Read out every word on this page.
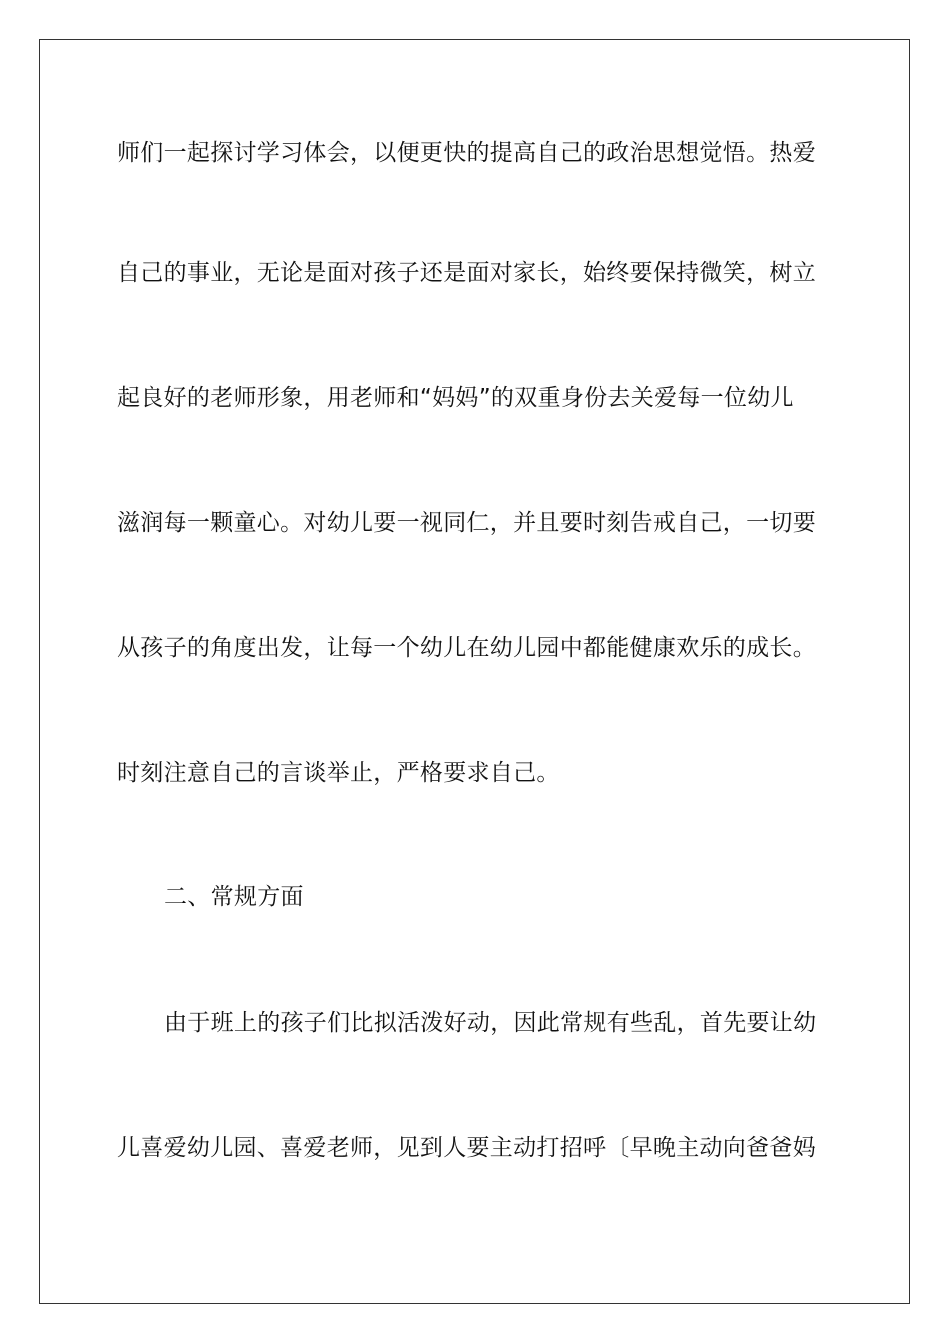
师们一起探讨学习体会，以便更快的提高自己的政治思想觉悟。热爱
自己的事业，无论是面对孩子还是面对家长，始终要保持微笑，树立
起良好的老师形象，用老师和“妈妈”的双重身份去关爱每一位幼儿
滋润每一颗童心。对幼儿要一视同仁，并且要时刻告戒自己，一切要
从孩子的角度出发，让每一个幼儿在幼儿园中都能健康欢乐的成长。
时刻注意自己的言谈举止，严格要求自己。
二、常规方面
由于班上的孩子们比拟活泼好动，因此常规有些乱，首先要让幼
儿喜爱幼儿园、喜爱老师，见到人要主动打招呼〔早晚主动向爸爸妈
